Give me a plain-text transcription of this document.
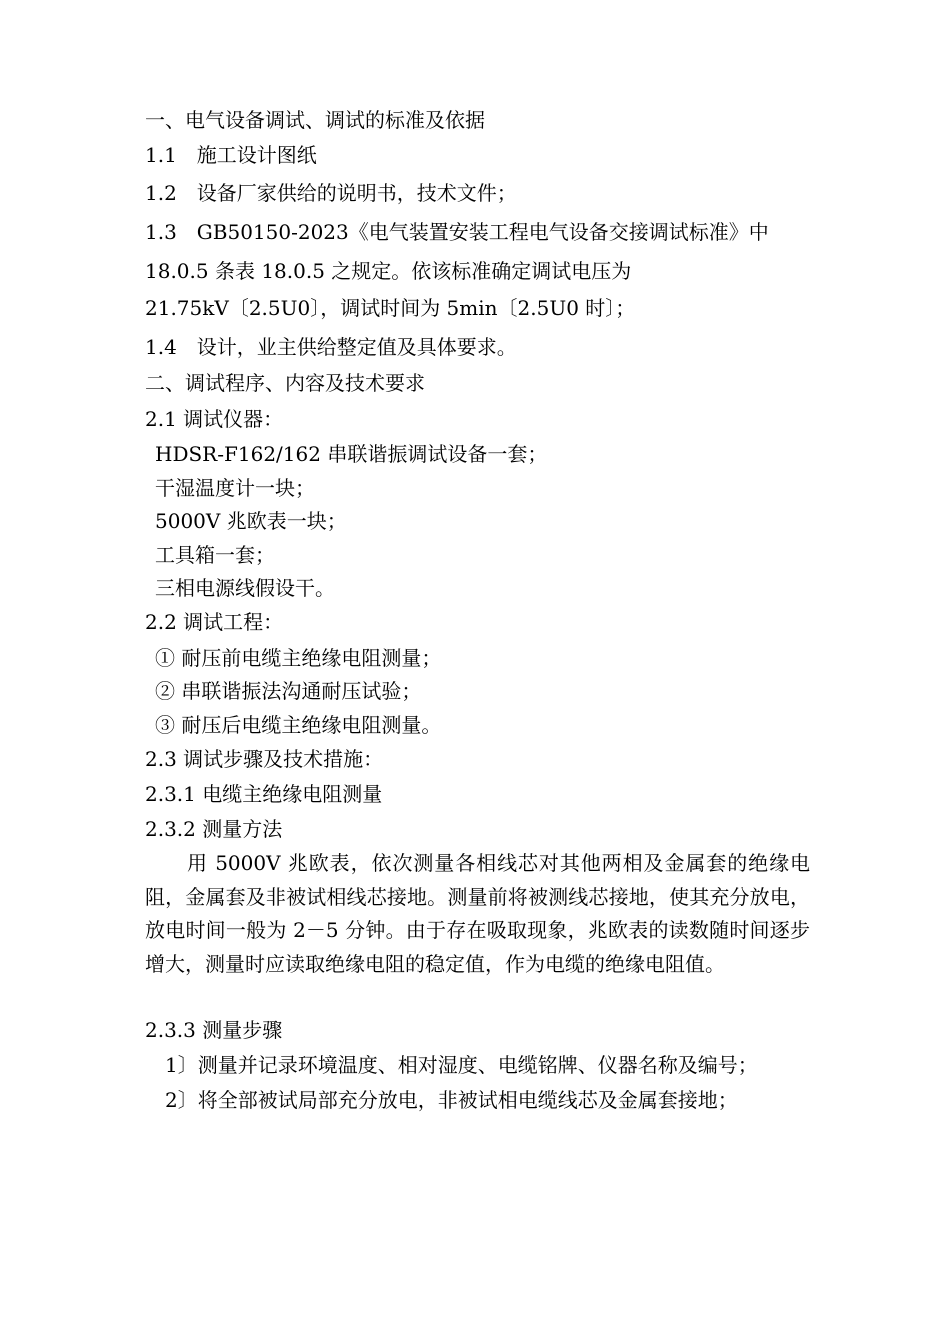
一、电气设备调试、调试的标准及依据
1.1　施工设计图纸
1.2　设备厂家供给的说明书，技术文件；
1.3　GB50150-2023《电气装置安装工程电气设备交接调试标准》中
18.0.5 条表 18.0.5 之规定。依该标准确定调试电压为
21.75kV〔2.5U0〕，调试时间为 5min〔2.5U0 时〕；
1.4　设计，业主供给整定值及具体要求。
二、调试程序、内容及技术要求
2.1 调试仪器：
HDSR-F162/162 串联谐振调试设备一套；
干湿温度计一块；
5000V 兆欧表一块；
工具箱一套；
三相电源线假设干。
2.2 调试工程：
① 耐压前电缆主绝缘电阻测量；
② 串联谐振法沟通耐压试验；
③ 耐压后电缆主绝缘电阻测量。
2.3 调试步骤及技术措施：
2.3.1 电缆主绝缘电阻测量
2.3.2 测量方法
用 5000V 兆欧表，依次测量各相线芯对其他两相及金属套的绝缘电阻，金属套及非被试相线芯接地。测量前将被测线芯接地，使其充分放电，放电时间一般为 2－5 分钟。由于存在吸取现象，兆欧表的读数随时间逐步增大，测量时应读取绝缘电阻的稳定值，作为电缆的绝缘电阻值。
2.3.3 测量步骤
1〕测量并记录环境温度、相对湿度、电缆铭牌、仪器名称及编号；
2〕将全部被试局部充分放电，非被试相电缆线芯及金属套接地；
